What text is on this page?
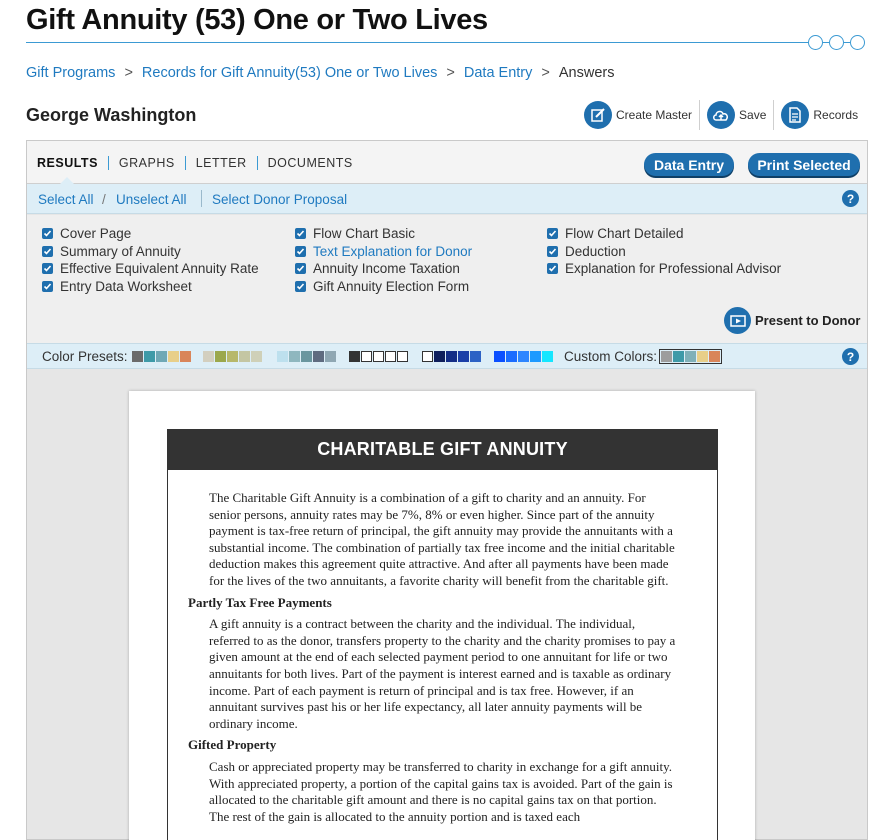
Gift Annuity (53) One or Two Lives
Gift Programs > Records for Gift Annuity(53) One or Two Lives > Data Entry > Answers
George Washington	Create Master	Save	Records
RESULTS	GRAPHS	LETTER	DOCUMENTS	Data Entry	Print Selected
Select All / Unselect All Select Donor Proposal	?
Cover Page
Summary of Annuity
Effective Equivalent Annuity Rate
Entry Data Worksheet
Flow Chart Basic
Text Explanation for Donor
Annuity Income Taxation
Gift Annuity Election Form
Flow Chart Detailed
Deduction
Explanation for Professional Advisor
Present to Donor
Color Presets:	Custom Colors:	?
CHARITABLE GIFT ANNUITY

The Charitable Gift Annuity is a combination of a gift to charity and an annuity. For senior persons, annuity rates may be 7%, 8% or even higher. Since part of the annuity payment is tax-free return of principal, the gift annuity may provide the annuitants with a substantial income. The combination of partially tax free income and the initial charitable deduction makes this agreement quite attractive. And after all payments have been made for the lives of the two annuitants, a favorite charity will benefit from the charitable gift.

Partly Tax Free Payments

A gift annuity is a contract between the charity and the individual. The individual, referred to as the donor, transfers property to the charity and the charity promises to pay a given amount at the end of each selected payment period to one annuitant for life or two annuitants for both lives. Part of the payment is interest earned and is taxable as ordinary income. Part of each payment is return of principal and is tax free. However, if an annuitant survives past his or her life expectancy, all later annuity payments will be ordinary income.

Gifted Property

Cash or appreciated property may be transferred to charity in exchange for a gift annuity. With appreciated property, a portion of the capital gains tax is avoided. Part of the gain is allocated to the charitable gift amount and there is no capital gains tax on that portion. The rest of the gain is allocated to the annuity portion and is taxed each
